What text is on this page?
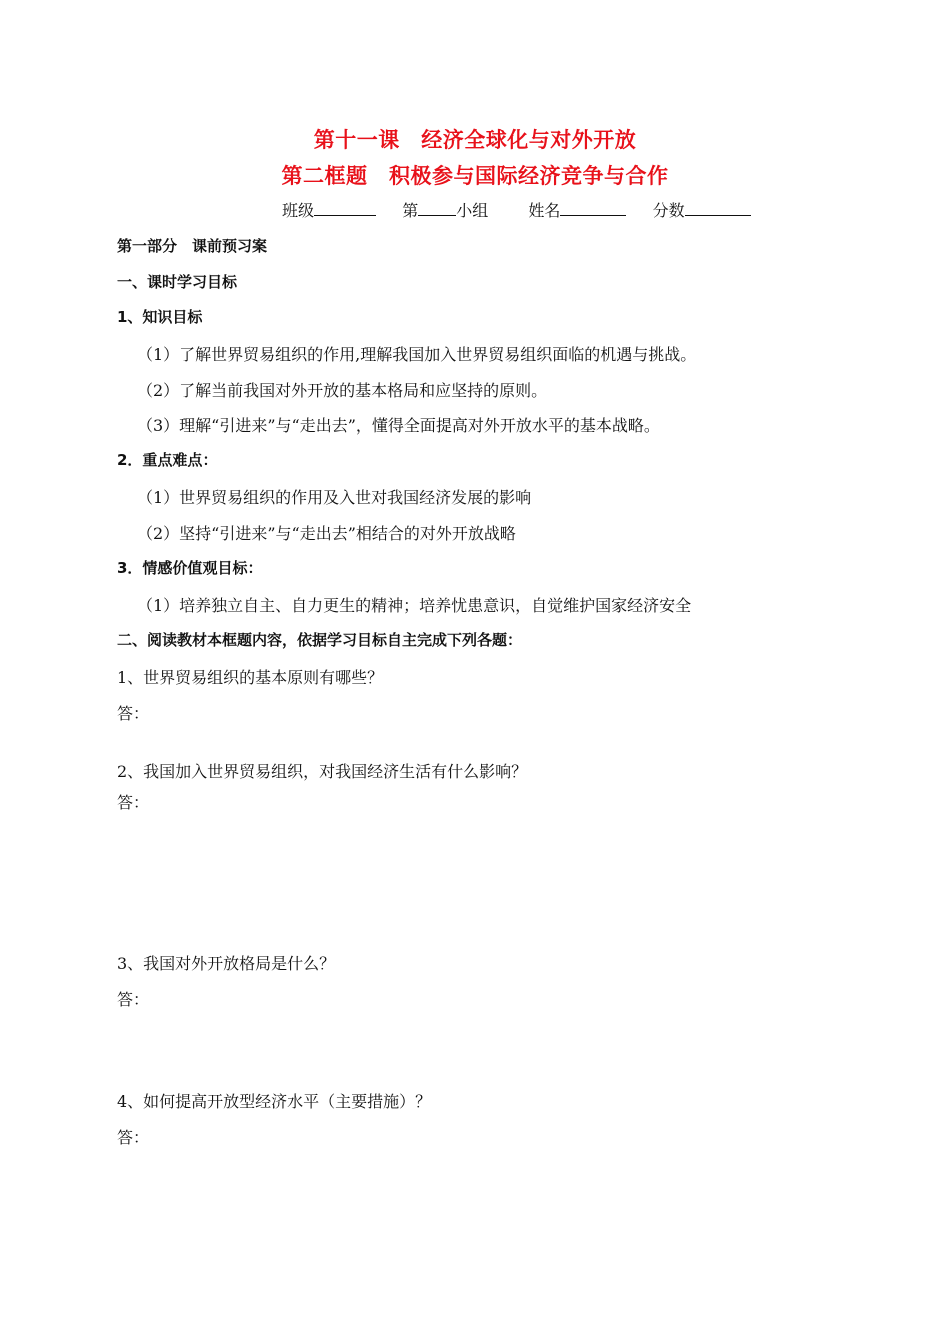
第十一课　经济全球化与对外开放
第二框题　积极参与国际经济竞争与合作
班级	第 小组	姓名	分数
第一部分　课前预习案
一、课时学习目标
1、知识目标
（1）了解世界贸易组织的作用,理解我国加入世界贸易组织面临的机遇与挑战。
（2）了解当前我国对外开放的基本格局和应坚持的原则。
（3）理解“引进来”与“走出去”，懂得全面提高对外开放水平的基本战略。
2．重点难点：
（1）世界贸易组织的作用及入世对我国经济发展的影响
（2）坚持“引进来”与“走出去”相结合的对外开放战略
3．情感价值观目标：
（1）培养独立自主、自力更生的精神；培养忧患意识，自觉维护国家经济安全
二、阅读教材本框题内容，依据学习目标自主完成下列各题：
1、世界贸易组织的基本原则有哪些？
答：
2、我国加入世界贸易组织，对我国经济生活有什么影响？
答：
3、我国对外开放格局是什么？
答：
4、如何提高开放型经济水平（主要措施）？
答：
